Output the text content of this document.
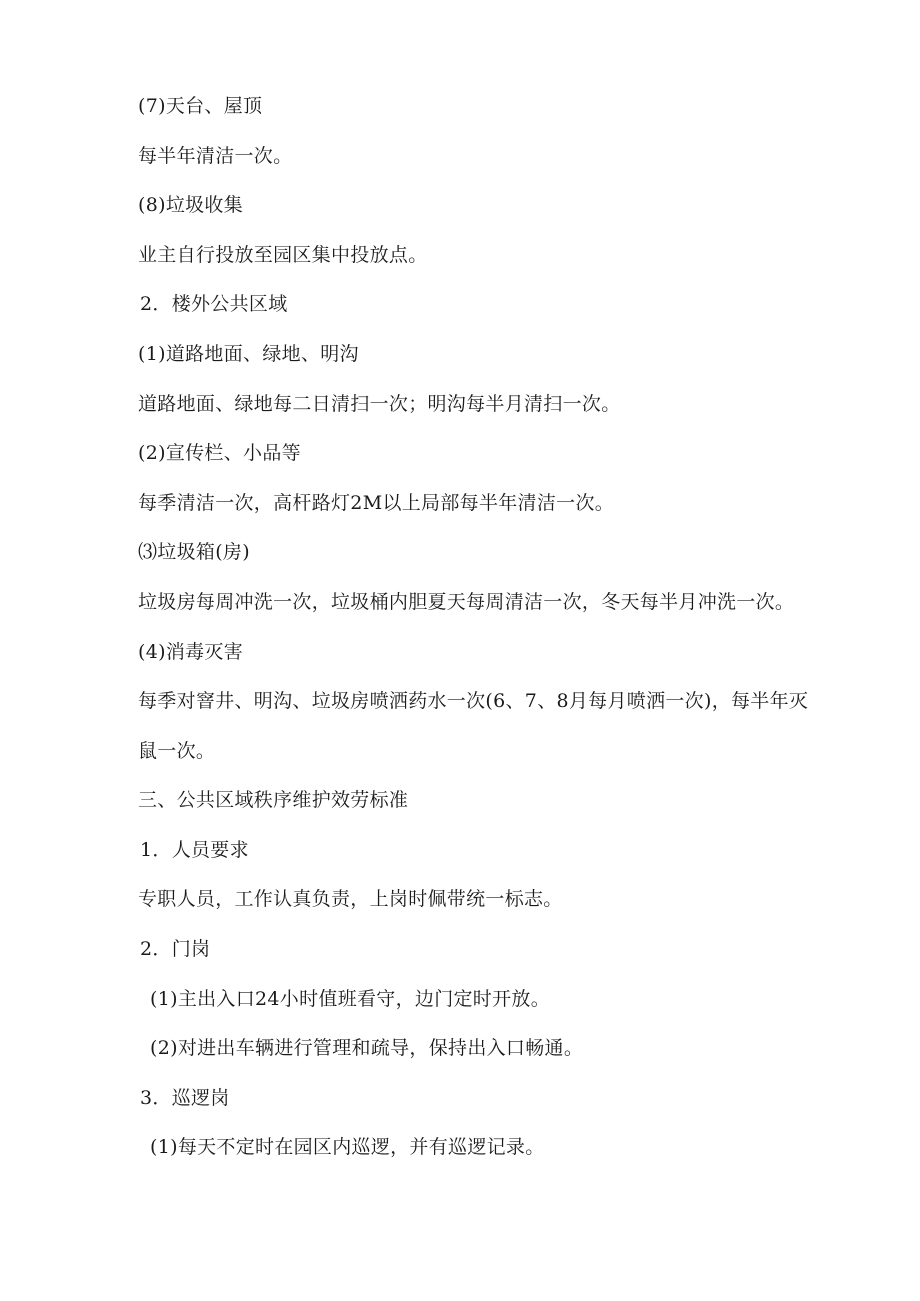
(7)天台、屋顶
每半年清洁一次。
(8)垃圾收集
业主自行投放至园区集中投放点。
2．楼外公共区域
(1)道路地面、绿地、明沟
道路地面、绿地每二日清扫一次；明沟每半月清扫一次。
(2)宣传栏、小品等
每季清洁一次，高杆路灯2M以上局部每半年清洁一次。
⑶垃圾箱(房)
垃圾房每周冲洗一次，垃圾桶内胆夏天每周清洁一次，冬天每半月冲洗一次。
(4)消毒灭害
每季对窨井、明沟、垃圾房喷洒药水一次(6、7、8月每月喷洒一次)，每半年灭
鼠一次。
三、公共区域秩序维护效劳标准
1．人员要求
专职人员，工作认真负责，上岗时佩带统一标志。
2．门岗
(1)主出入口24小时值班看守，边门定时开放。
(2)对进出车辆进行管理和疏导，保持出入口畅通。
3．巡逻岗
(1)每天不定时在园区内巡逻，并有巡逻记录。
